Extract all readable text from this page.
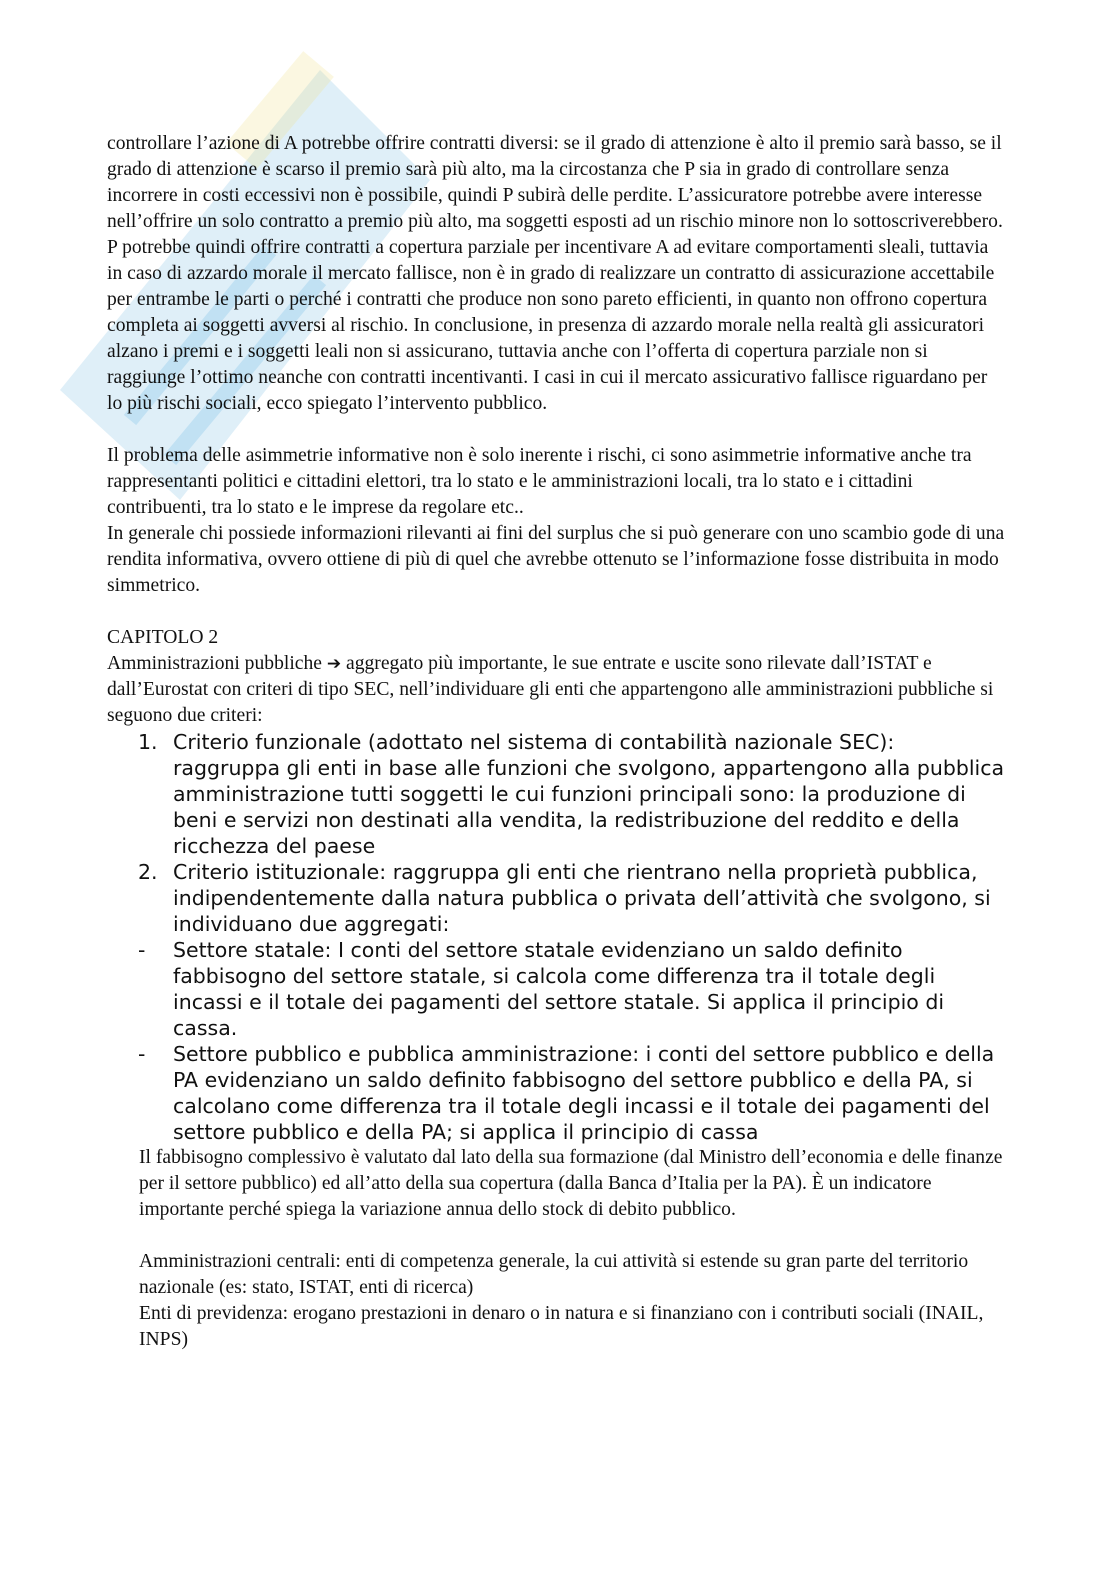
controllare l’azione di A potrebbe offrire contratti diversi: se il grado di attenzione è alto il premio sarà basso, se il grado di attenzione è scarso il premio sarà più alto, ma la circostanza che P sia in grado di controllare senza incorrere in costi eccessivi non è possibile, quindi P subirà delle perdite. L’assicuratore potrebbe avere interesse nell’offrire un solo contratto a premio più alto, ma soggetti esposti ad un rischio minore non lo sottoscriverebbero. P potrebbe quindi offrire contratti a copertura parziale per incentivare A ad evitare comportamenti sleali, tuttavia in caso di azzardo morale il mercato fallisce, non è in grado di realizzare un contratto di assicurazione accettabile per entrambe le parti o perché i contratti che produce non sono pareto efficienti, in quanto non offrono copertura completa ai soggetti avversi al rischio. In conclusione, in presenza di azzardo morale nella realtà gli assicuratori alzano i premi e i soggetti leali non si assicurano, tuttavia anche con l’offerta di copertura parziale non si raggiunge l’ottimo neanche con contratti incentivanti. I casi in cui il mercato assicurativo fallisce riguardano per lo più rischi sociali, ecco spiegato l’intervento pubblico.

Il problema delle asimmetrie informative non è solo inerente i rischi, ci sono asimmetrie informative anche tra rappresentanti politici e cittadini elettori, tra lo stato e le amministrazioni locali, tra lo stato e i cittadini contribuenti, tra lo stato e le imprese da regolare etc..

In generale chi possiede informazioni rilevanti ai fini del surplus che si può generare con uno scambio gode di una rendita informativa, ovvero ottiene di più di quel che avrebbe ottenuto se l’informazione fosse distribuita in modo simmetrico.

CAPITOLO 2

Amministrazioni pubbliche ➔ aggregato più importante, le sue entrate e uscite sono rilevate dall’ISTAT e dall’Eurostat con criteri di tipo SEC, nell’individuare gli enti che appartengono alle amministrazioni pubbliche si seguono due criteri:

1. Criterio funzionale (adottato nel sistema di contabilità nazionale SEC): raggruppa gli enti in base alle funzioni che svolgono, appartengono alla pubblica amministrazione tutti soggetti le cui funzioni principali sono: la produzione di beni e servizi non destinati alla vendita, la redistribuzione del reddito e della ricchezza del paese
2. Criterio istituzionale: raggruppa gli enti che rientrano nella proprietà pubblica, indipendentemente dalla natura pubblica o privata dell’attività che svolgono, si individuano due aggregati:
- Settore statale: I conti del settore statale evidenziano un saldo definito fabbisogno del settore statale, si calcola come differenza tra il totale degli incassi e il totale dei pagamenti del settore statale. Si applica il principio di cassa.
- Settore pubblico e pubblica amministrazione: i conti del settore pubblico e della PA evidenziano un saldo definito fabbisogno del settore pubblico e della PA, si calcolano come differenza tra il totale degli incassi e il totale dei pagamenti del settore pubblico e della PA; si applica il principio di cassa

Il fabbisogno complessivo è valutato dal lato della sua formazione (dal Ministro dell’economia e delle finanze per il settore pubblico) ed all’atto della sua copertura (dalla Banca d’Italia per la PA). È un indicatore importante perché spiega la variazione annua dello stock di debito pubblico.

Amministrazioni centrali: enti di competenza generale, la cui attività si estende su gran parte del territorio nazionale (es: stato, ISTAT, enti di ricerca)

Enti di previdenza: erogano prestazioni in denaro o in natura e si finanziano con i contributi sociali (INAIL, INPS)
